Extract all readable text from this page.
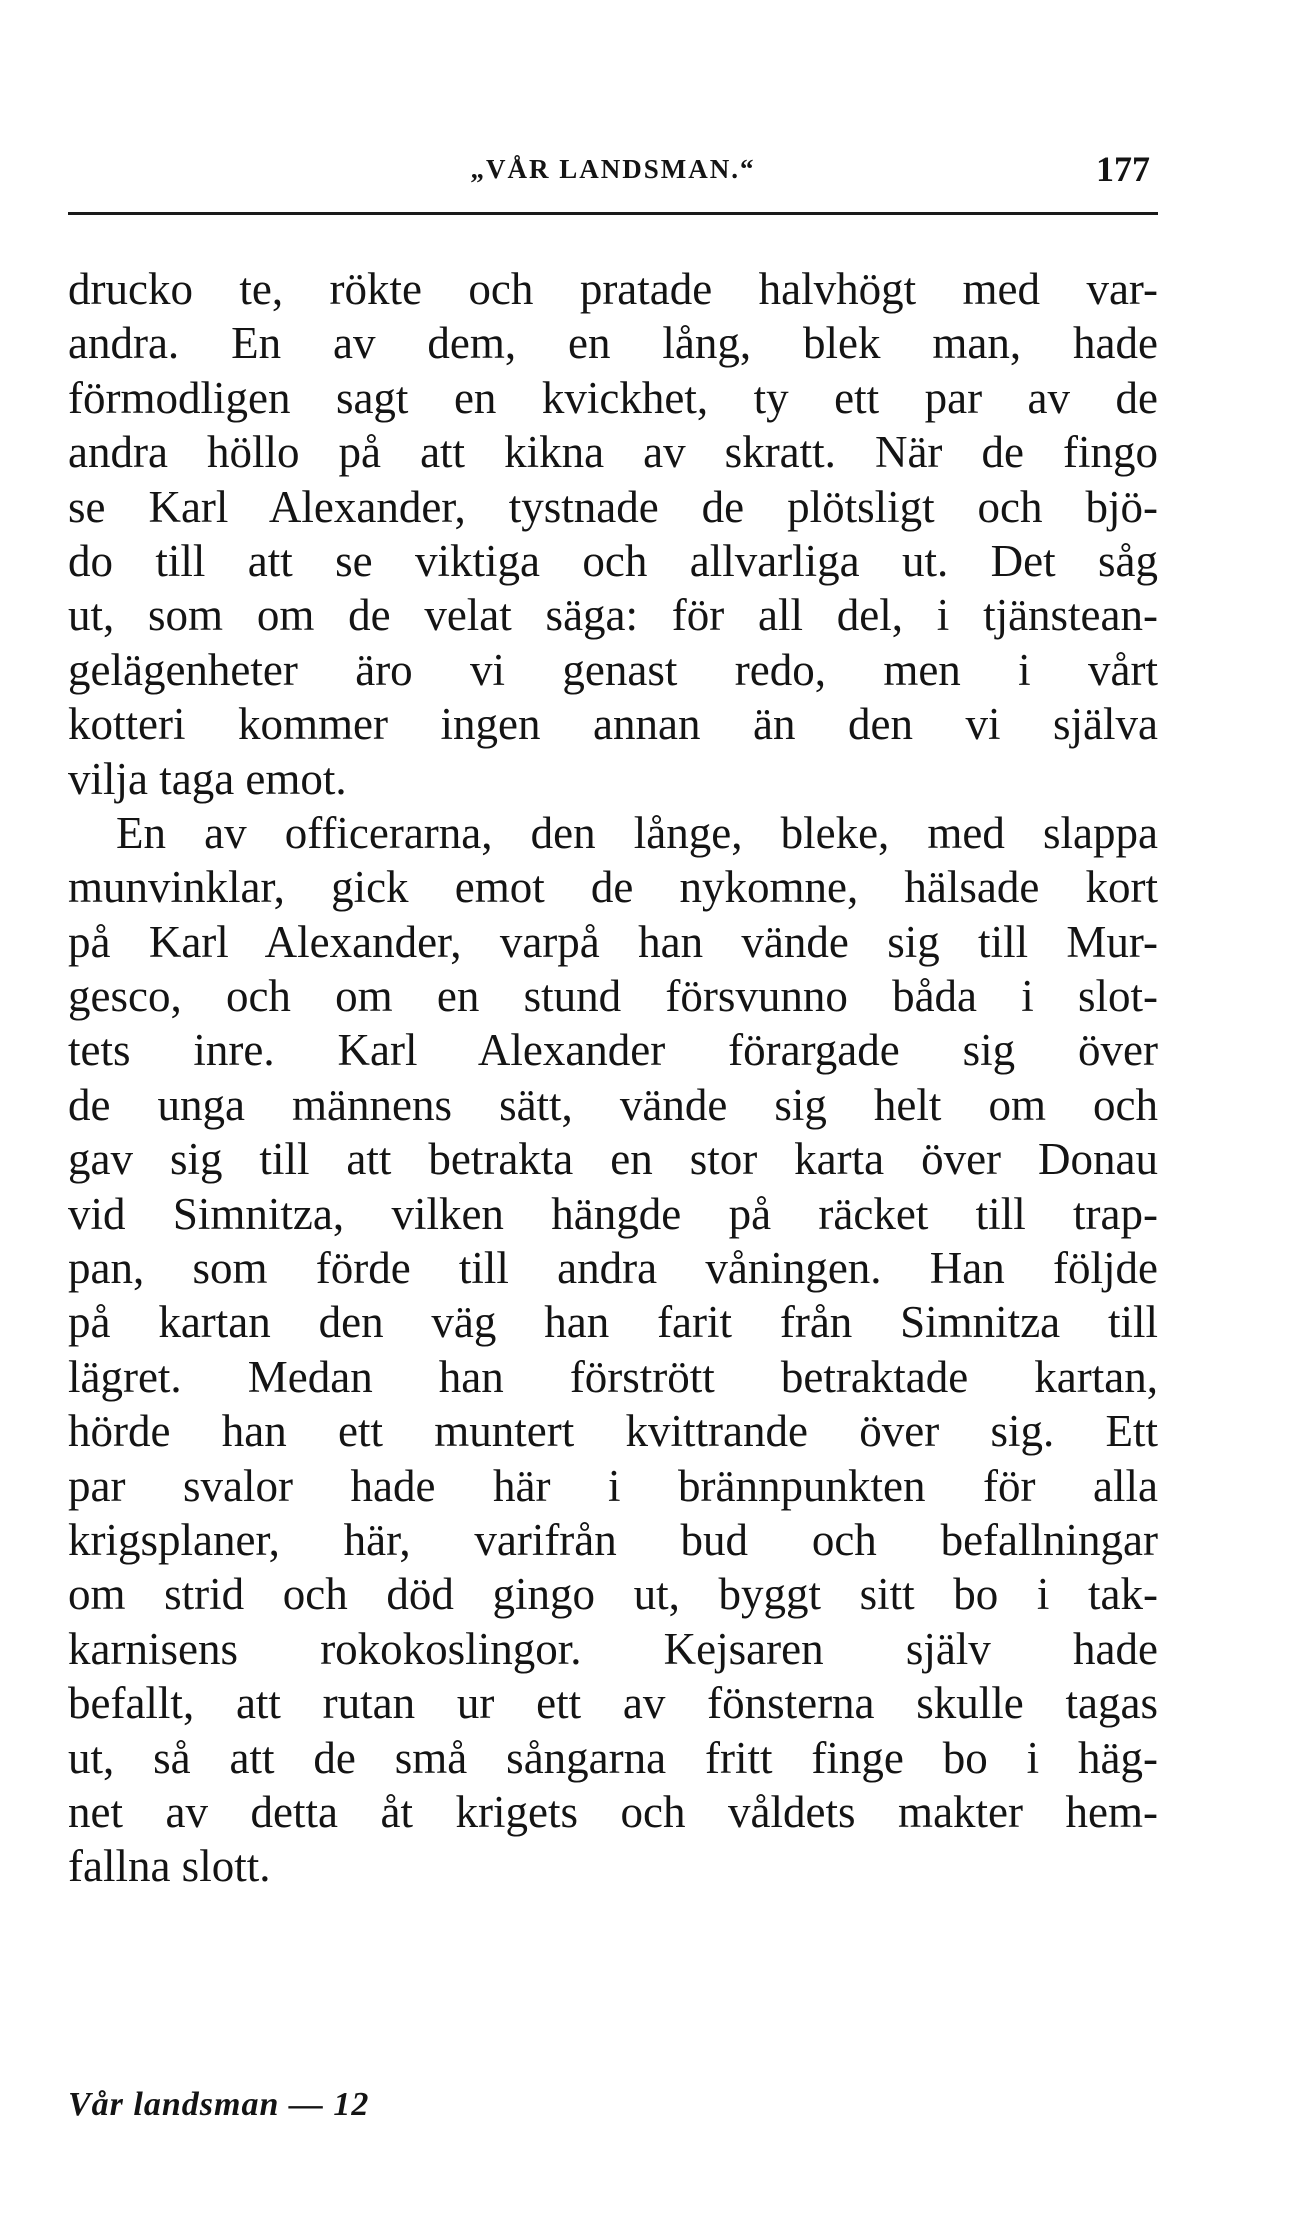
„VÅR LANDSMAN.“	177
drucko te, rökte och pratade halvhögt med var-
andra. En av dem, en lång, blek man, hade
förmodligen sagt en kvickhet, ty ett par av de
andra höllo på att kikna av skratt. När de fingo
se Karl Alexander, tystnade de plötsligt och bjö-
do till att se viktiga och allvarliga ut. Det såg
ut, som om de velat säga: för all del, i tjänstean-
gelägenheter äro vi genast redo, men i vårt
kotteri kommer ingen annan än den vi själva
vilja taga emot.
En av officerarna, den långe, bleke, med slappa
munvinklar, gick emot de nykomne, hälsade kort
på Karl Alexander, varpå han vände sig till Mur-
gesco, och om en stund försvunno båda i slot-
tets inre. Karl Alexander förargade sig över
de unga männens sätt, vände sig helt om och
gav sig till att betrakta en stor karta över Donau
vid Simnitza, vilken hängde på räcket till trap-
pan, som förde till andra våningen. Han följde
på kartan den väg han farit från Simnitza till
lägret. Medan han förstrött betraktade kartan,
hörde han ett muntert kvittrande över sig. Ett
par svalor hade här i brännpunkten för alla
krigsplaner, här, varifrån bud och befallningar
om strid och död gingo ut, byggt sitt bo i tak-
karnisens rokokoslingor. Kejsaren själv hade
befallt, att rutan ur ett av fönsterna skulle tagas
ut, så att de små sångarna fritt finge bo i häg-
net av detta åt krigets och våldets makter hem-
fallna slott.
Vår landsman — 12
